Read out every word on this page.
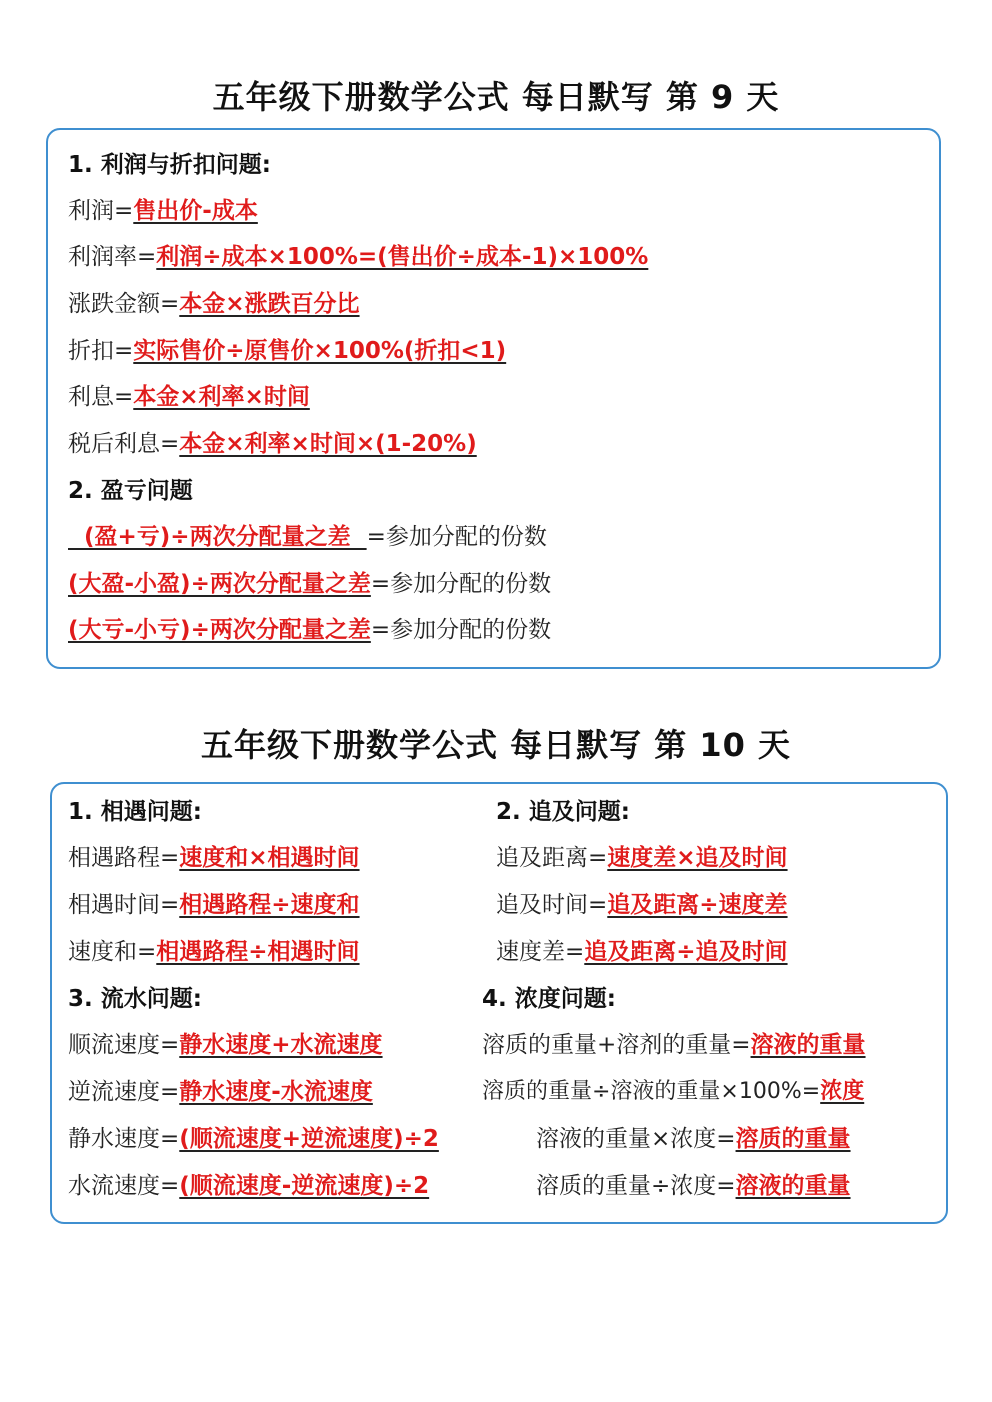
五年级下册数学公式 每日默写 第 9 天
1. 利润与折扣问题:
利润=售出价-成本
利润率=利润÷成本×100%=(售出价÷成本-1)×100%
涨跌金额=本金×涨跌百分比
折扣=实际售价÷原售价×100%(折扣<1)
利息=本金×利率×时间
税后利息=本金×利率×时间×(1-20%)
2. 盈亏问题
(盈+亏)÷两次分配量之差  =参加分配的份数
(大盈-小盈)÷两次分配量之差=参加分配的份数
(大亏-小亏)÷两次分配量之差=参加分配的份数
五年级下册数学公式 每日默写 第 10 天
1. 相遇问题:
相遇路程=速度和×相遇时间
相遇时间=相遇路程÷速度和
速度和=相遇路程÷相遇时间
3. 流水问题:
顺流速度=静水速度+水流速度
逆流速度=静水速度-水流速度
静水速度=(顺流速度+逆流速度)÷2
水流速度=(顺流速度-逆流速度)÷2
2. 追及问题:
追及距离=速度差×追及时间
追及时间=追及距离÷速度差
速度差=追及距离÷追及时间
4. 浓度问题:
溶质的重量+溶剂的重量=溶液的重量
溶质的重量÷溶液的重量×100%=浓度
溶液的重量×浓度=溶质的重量
溶质的重量÷浓度=溶液的重量
